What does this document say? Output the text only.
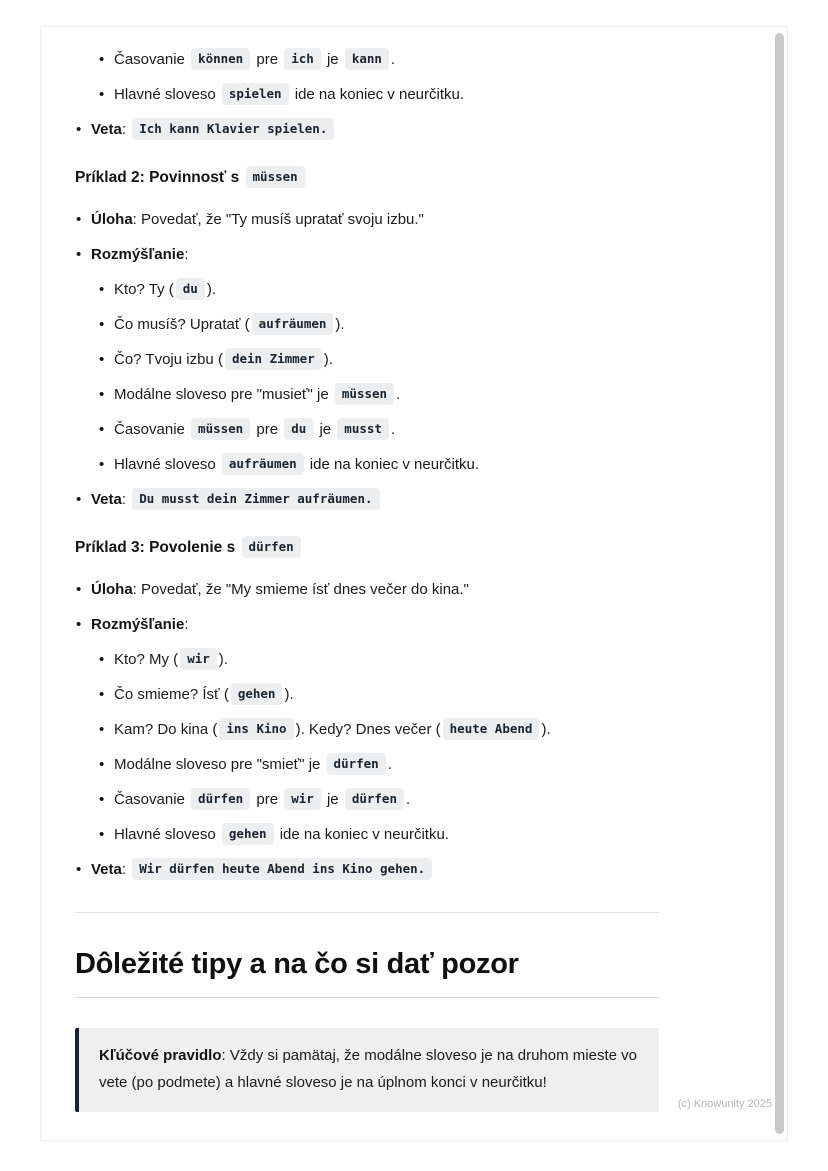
• Časovanie können pre ich je kann .
• Hlavné sloveso spielen ide na koniec v neurčitku.
• Veta: Ich kann Klavier spielen.

Príklad 2: Povinnosť s müssen

• Úloha: Povedať, že "Ty musíš upratať svoju izbu."
• Rozmýšľanie:
• Kto? Ty ( du ).
• Čo musíš? Upratať ( aufräumen ).
• Čo? Tvoju izbu ( dein Zimmer ).
• Modálne sloveso pre "musieť" je müssen .
• Časovanie müssen pre du je musst .
• Hlavné sloveso aufräumen ide na koniec v neurčitku.
• Veta: Du musst dein Zimmer aufräumen.

Príklad 3: Povolenie s dürfen

• Úloha: Povedať, že "My smieme ísť dnes večer do kina."
• Rozmýšľanie:
• Kto? My ( wir ).
• Čo smieme? Ísť ( gehen ).
• Kam? Do kina ( ins Kino ). Kedy? Dnes večer ( heute Abend ).
• Modálne sloveso pre "smieť" je dürfen .
• Časovanie dürfen pre wir je dürfen .
• Hlavné sloveso gehen ide na koniec v neurčitku.
• Veta: Wir dürfen heute Abend ins Kino gehen.
Dôležité tipy a na čo si dať pozor
Kľúčové pravidlo: Vždy si pamätaj, že modálne sloveso je na druhom mieste vo vete (po podmete) a hlavné sloveso je na úplnom konci v neurčitku!
(c) Knowunity 2025
